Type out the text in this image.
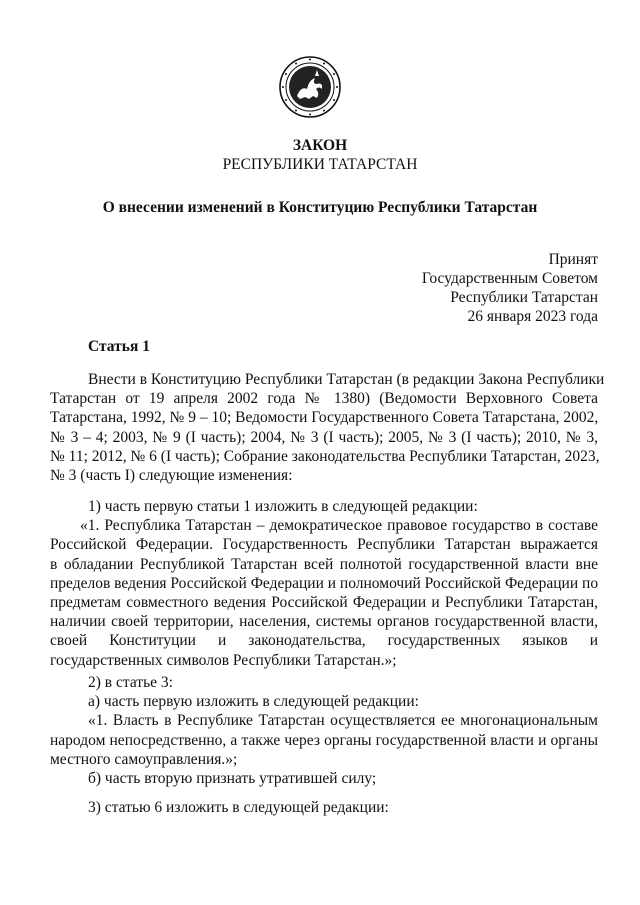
ЗАКОН
РЕСПУБЛИКИ ТАТАРСТАН
О внесении изменений в Конституцию Республики Татарстан
Принят
Государственным Советом
Республики Татарстан
26 января 2023 года
Статья 1
Внести в Конституцию Республики Татарстан (в редакции Закона Республики
Татарстан от 19 апреля 2002 года № 1380) (Ведомости Верховного Совета
Татарстана, 1992, № 9 – 10; Ведомости Государственного Совета Татарстана, 2002,
№ 3 – 4; 2003, № 9 (I часть); 2004, № 3 (I часть); 2005, № 3 (I часть); 2010, № 3,
№ 11; 2012, № 6 (I часть); Собрание законодательства Республики Татарстан, 2023,
№ 3 (часть I) следующие изменения:
1) часть первую статьи 1 изложить в следующей редакции:
«1. Республика Татарстан – демократическое правовое государство в составе
Российской Федерации. Государственность Республики Татарстан выражается
в обладании Республикой Татарстан всей полнотой государственной власти вне
пределов ведения Российской Федерации и полномочий Российской Федерации по
предметам совместного ведения Российской Федерации и Республики Татарстан,
наличии своей территории, населения, системы органов государственной власти,
своей Конституции и законодательства, государственных языков и
государственных символов Республики Татарстан.»;
2) в статье 3:
а) часть первую изложить в следующей редакции:
«1. Власть в Республике Татарстан осуществляется ее многонациональным
народом непосредственно, а также через органы государственной власти и органы
местного самоуправления.»;
б) часть вторую признать утратившей силу;
3) статью 6 изложить в следующей редакции:
